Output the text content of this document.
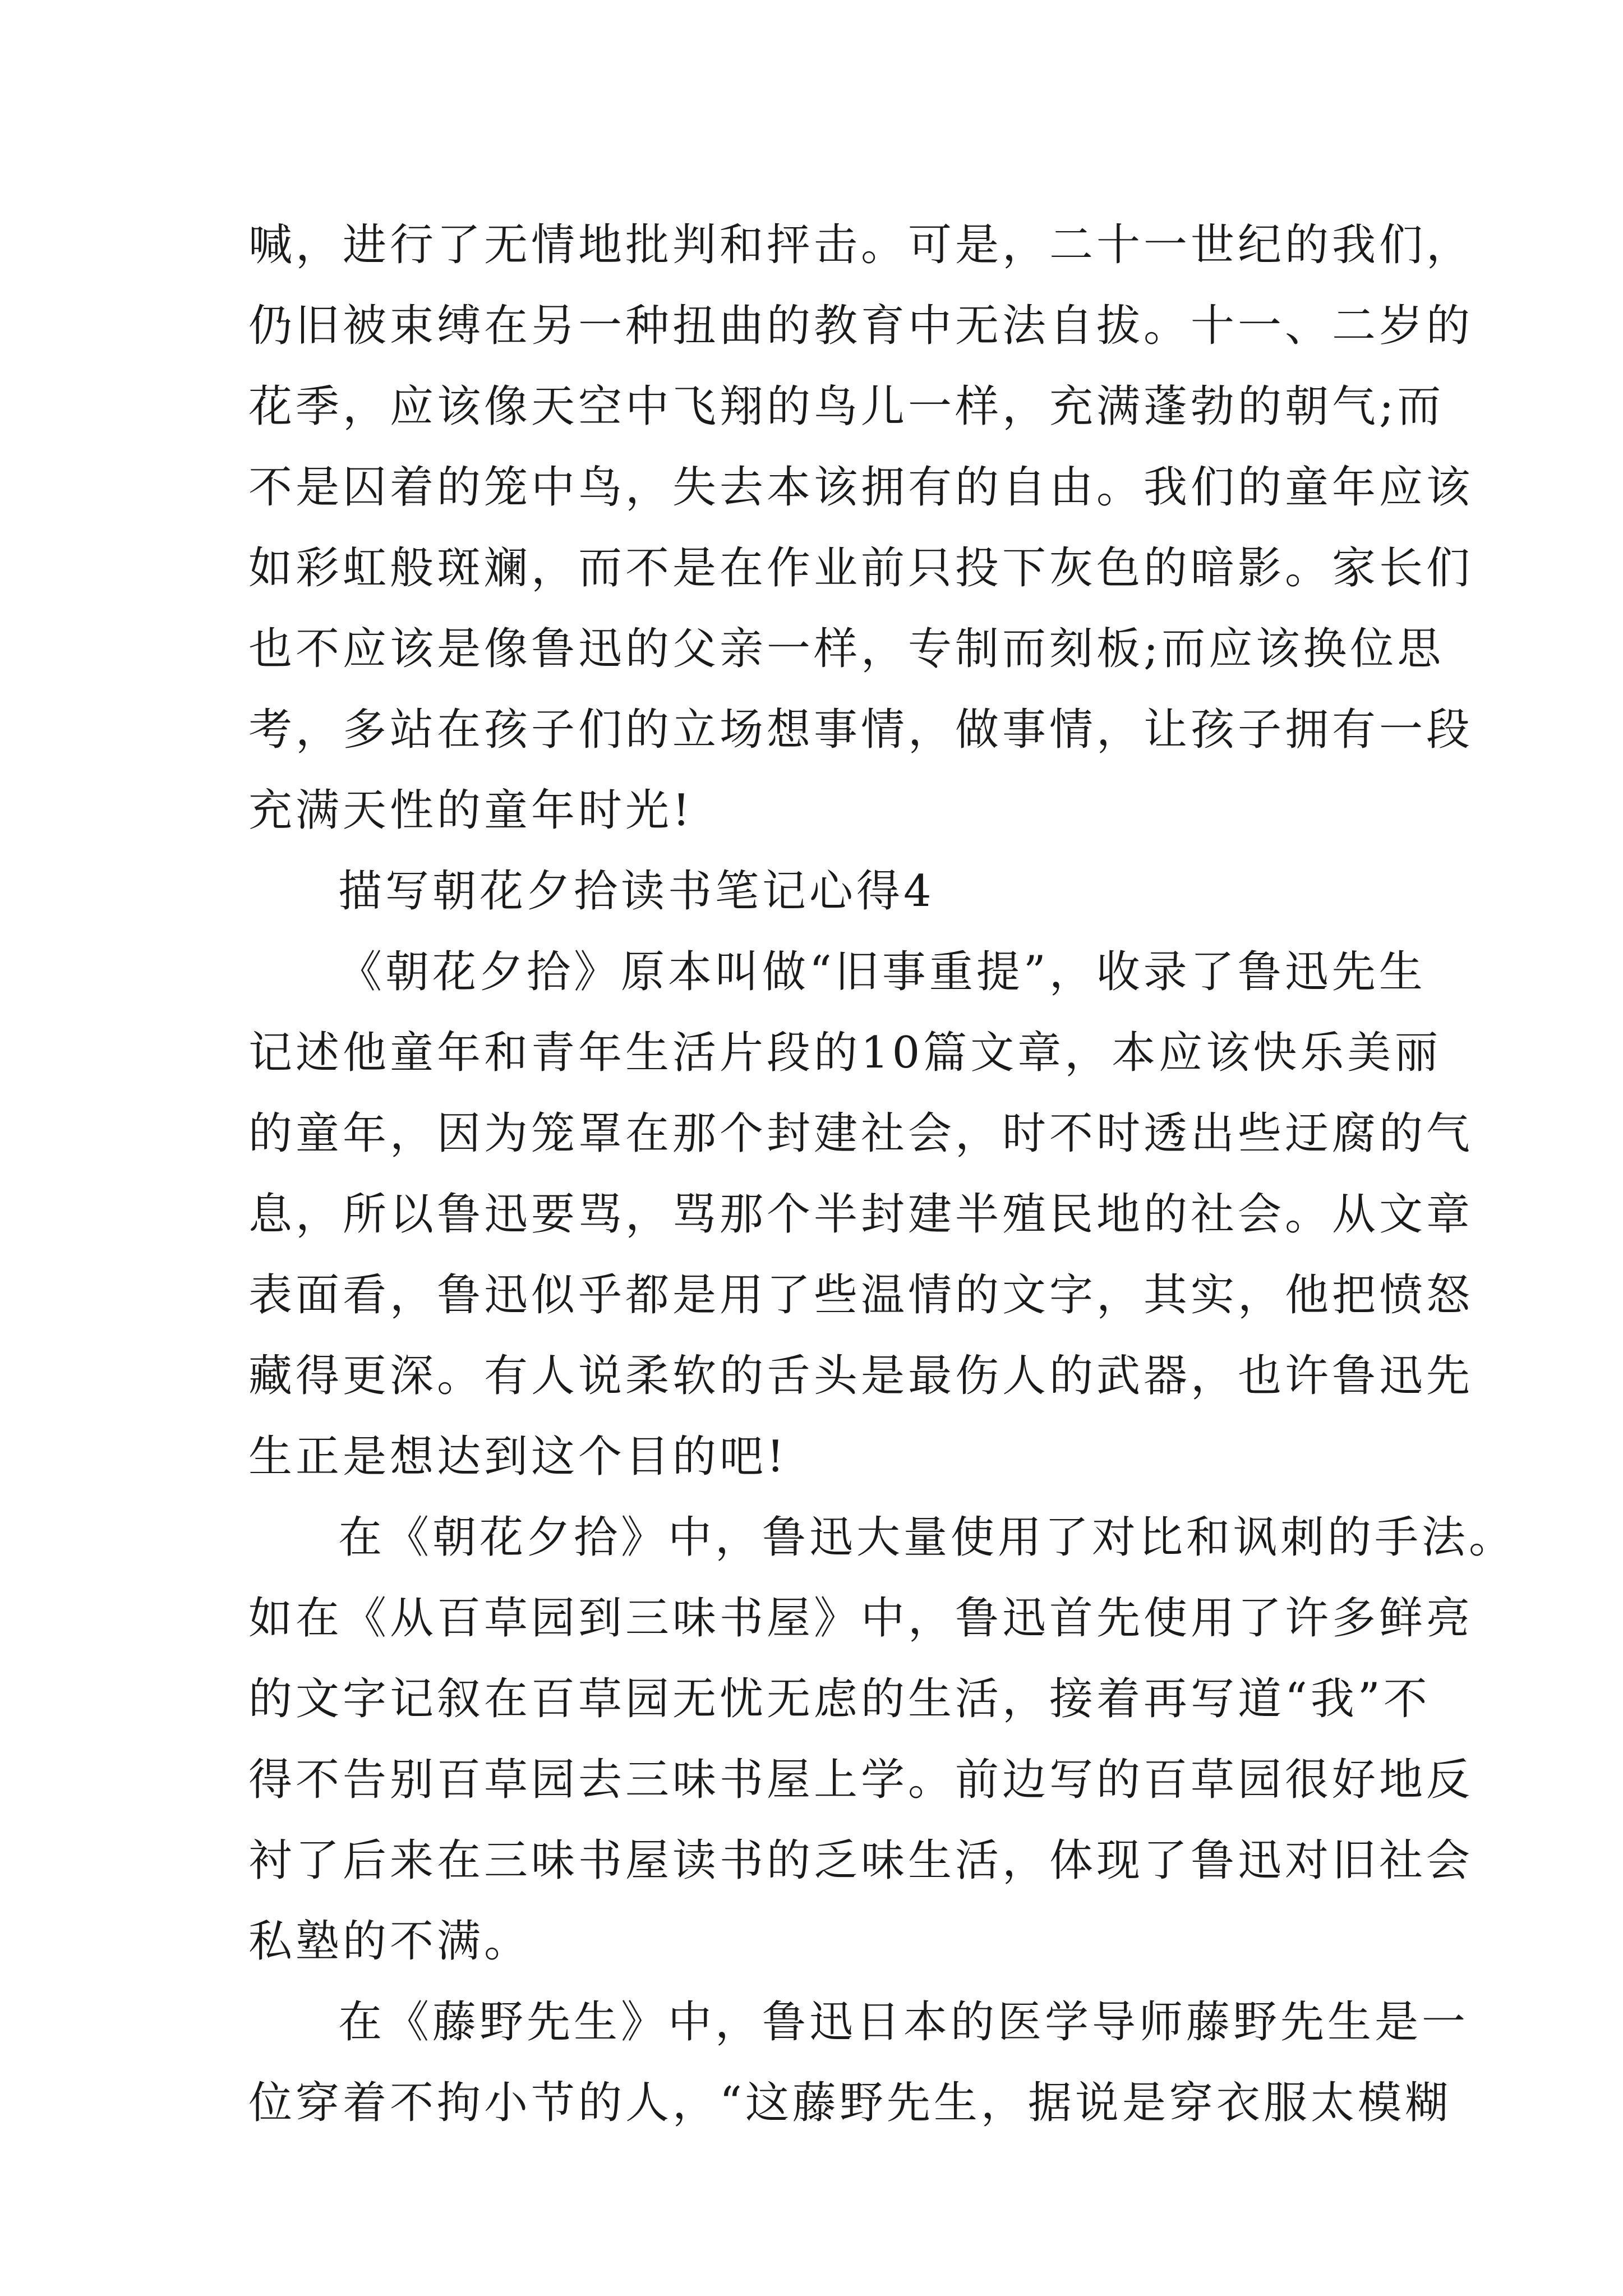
喊，进行了无情地批判和抨击。可是，二十一世纪的我们，
仍旧被束缚在另一种扭曲的教育中无法自拔。十一、二岁的
花季，应该像天空中飞翔的鸟儿一样，充满蓬勃的朝气;而
不是囚着的笼中鸟，失去本该拥有的自由。我们的童年应该
如彩虹般斑斓，而不是在作业前只投下灰色的暗影。家长们
也不应该是像鲁迅的父亲一样，专制而刻板;而应该换位思
考，多站在孩子们的立场想事情，做事情，让孩子拥有一段
充满天性的童年时光!
描写朝花夕拾读书笔记心得4
《朝花夕拾》原本叫做“旧事重提”，收录了鲁迅先生
记述他童年和青年生活片段的10篇文章，本应该快乐美丽
的童年，因为笼罩在那个封建社会，时不时透出些迂腐的气
息，所以鲁迅要骂，骂那个半封建半殖民地的社会。从文章
表面看，鲁迅似乎都是用了些温情的文字，其实，他把愤怒
藏得更深。有人说柔软的舌头是最伤人的武器，也许鲁迅先
生正是想达到这个目的吧!
在《朝花夕拾》中，鲁迅大量使用了对比和讽刺的手法。
如在《从百草园到三味书屋》中，鲁迅首先使用了许多鲜亮
的文字记叙在百草园无忧无虑的生活，接着再写道“我”不
得不告别百草园去三味书屋上学。前边写的百草园很好地反
衬了后来在三味书屋读书的乏味生活，体现了鲁迅对旧社会
私塾的不满。
在《藤野先生》中，鲁迅日本的医学导师藤野先生是一
位穿着不拘小节的人，“这藤野先生，据说是穿衣服太模糊
